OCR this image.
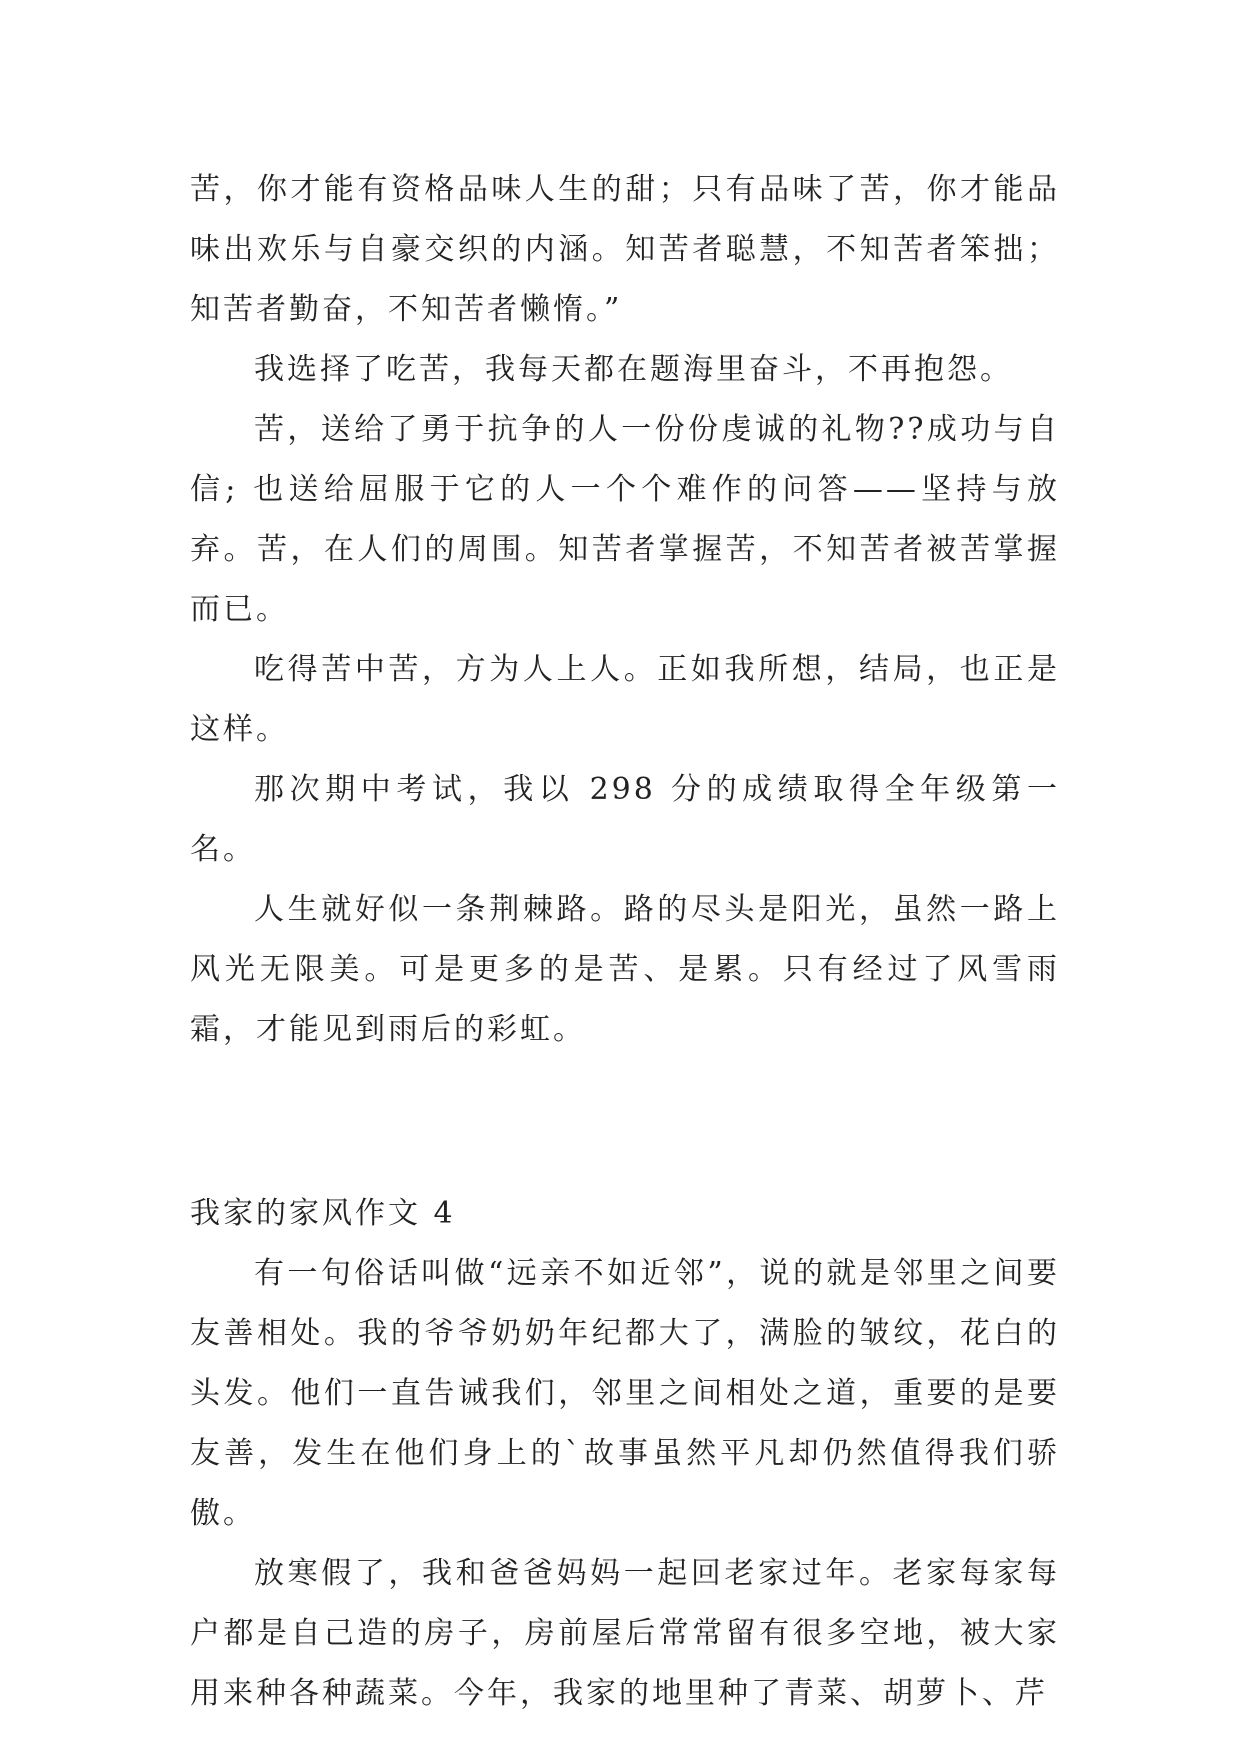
苦，你才能有资格品味人生的甜；只有品味了苦，你才能品味出欢乐与自豪交织的内涵。知苦者聪慧，不知苦者笨拙；知苦者勤奋，不知苦者懒惰。”

我选择了吃苦，我每天都在题海里奋斗，不再抱怨。

苦，送给了勇于抗争的人一份份虔诚的礼物??成功与自信; 也送给屈服于它的人一个个难作的问答——坚持与放弃。苦，在人们的周围。知苦者掌握苦，不知苦者被苦掌握而已。

吃得苦中苦，方为人上人。正如我所想，结局，也正是这样。

那次期中考试，我以 298 分的成绩取得全年级第一名。

人生就好似一条荆棘路。路的尽头是阳光，虽然一路上风光无限美。可是更多的是苦、是累。只有经过了风雪雨霜，才能见到雨后的彩虹。

我家的家风作文 4

有一句俗话叫做“远亲不如近邻”，说的就是邻里之间要友善相处。我的爷爷奶奶年纪都大了，满脸的皱纹，花白的头发。他们一直告诫我们，邻里之间相处之道，重要的是要友善，发生在他们身上的`故事虽然平凡却仍然值得我们骄傲。

放寒假了，我和爸爸妈妈一起回老家过年。老家每家每户都是自己造的房子，房前屋后常常留有很多空地，被大家用来种各种蔬菜。今年，我家的地里种了青菜、胡萝卜、芹
